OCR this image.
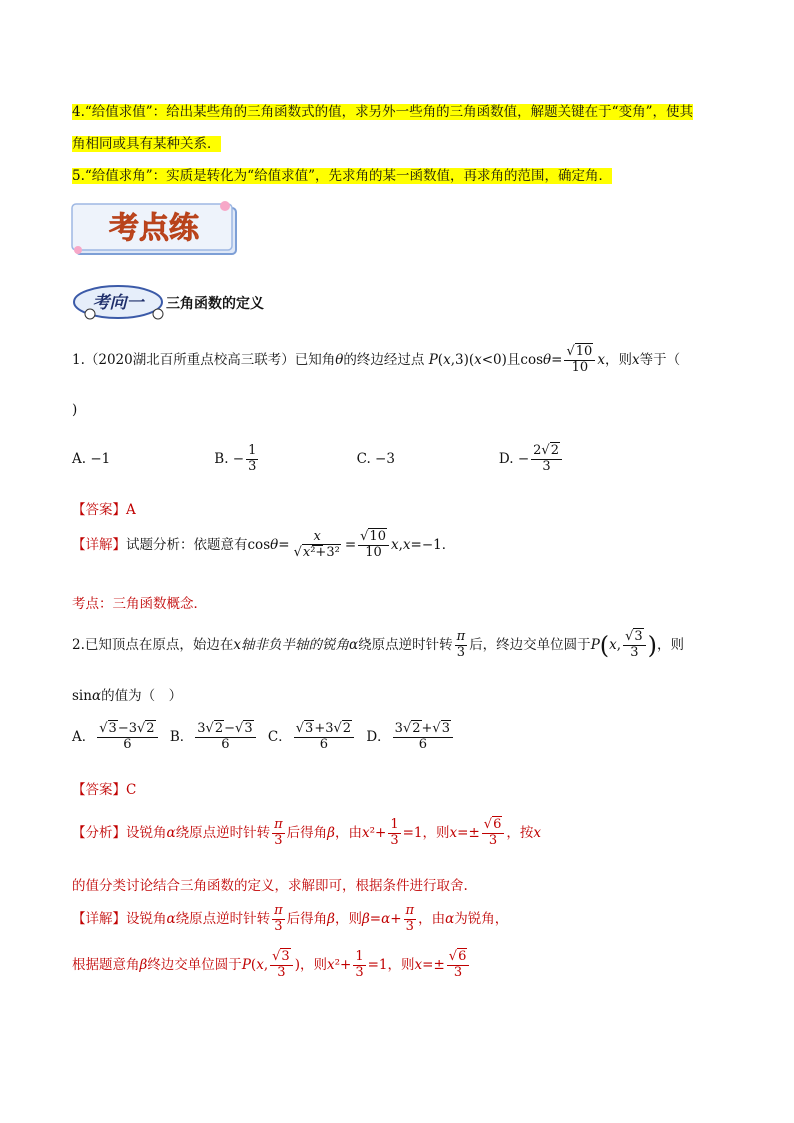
4.“给值求值”：给出某些角的三角函数式的值，求另外一些角的三角函数值，解题关键在于“变角”，使其
角相同或具有某种关系．
5.“给值求角”：实质是转化为“给值求值”，先求角的某一函数值，再求角的范围，确定角．
考点练
考向一 三角函数的定义
1.（2020湖北百所重点校高三联考）已知角θ的终边经过点 P(x,3)(x<0)且$\cos\theta= \frac{√10}{10}$ x，则x等于（
)
A. −1	B. − $\frac{1}{3}$	C. −3	D. − $\frac{2√2}{3}$
【答案】A
【详解】试题分析：依题意有$\cos\theta= \frac{x}{\text{√x²+3²}} = \frac{√10}{10} x,x=-1$．
考点：三角函数概念．
2.已知顶点在原点，始边在x轴非负半轴的锐角α绕原点逆时针转 $\frac{\pi}{3}$ 后，终边交单位圆于P(x, $\frac{√3}{3}$ )，则
sinα的值为（　）
A． $\frac{√3-3√2}{6}$ B． $\frac{3√2-√3}{6}$ C． $\frac{√3+3√2}{6}$ D． $\frac{3√2+√3}{6}$
【答案】C
【分析】设锐角α绕原点逆时针转 $\frac{\pi}{3}$ 后得角β，由$x^2+ \frac{1}{3} =1$，则$x=\pm \frac{√6}{3}$ ，按x
的值分类讨论结合三角函数的定义，求解即可，根据条件进行取舍.
【详解】设锐角α绕原点逆时针转 $\frac{\pi}{3}$ 后得角β，则$\beta=\alpha+ \frac{\pi}{3}$ ，由α为锐角，
根据题意角β终边交单位圆于P(x, $\frac{√3}{3}$ )，则$x^2+ \frac{1}{3} =1$，则$x=\pm \frac{√6}{3}$
